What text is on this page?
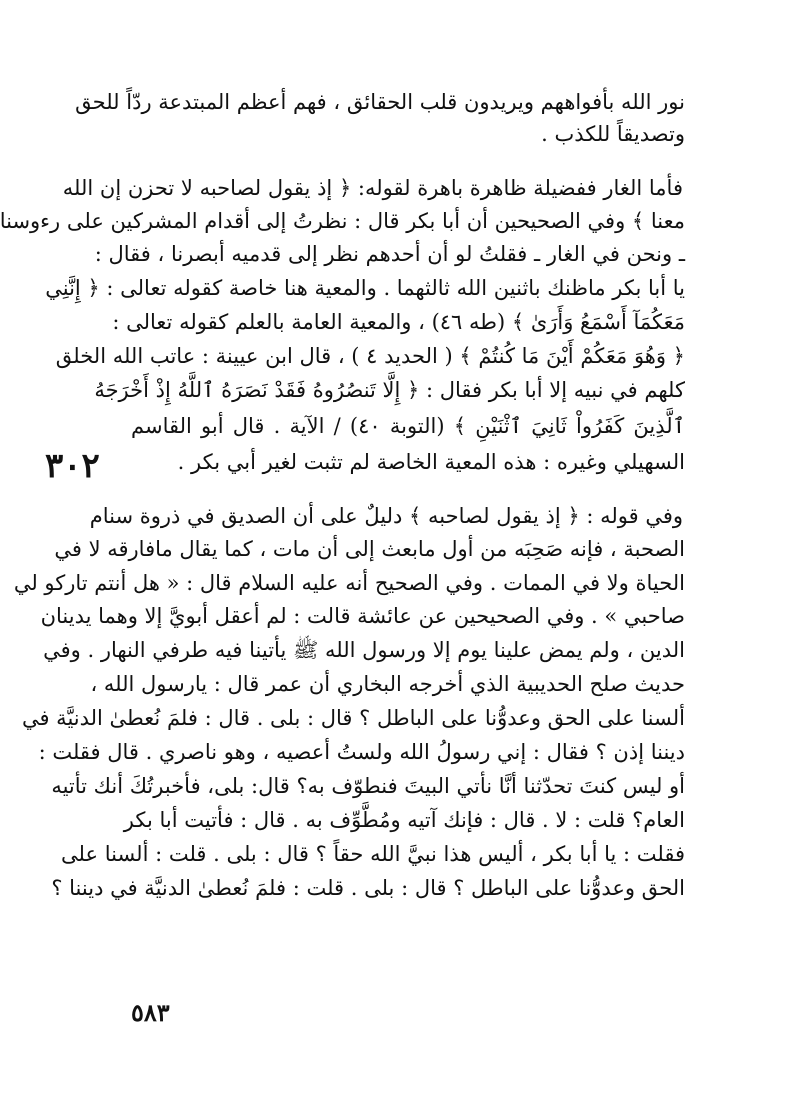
نور الله بأفواههم ويريدون قلب الحقائق ، فهم أعظم المبتدعة ردّاً للحق
وتصديقاً للكذب .
فأما الغار ففضيلة ظاهرة باهرة لقوله: ﴿ إذ يقول لصاحبه لا تحزن إن الله
معنا ﴾ وفي الصحيحين أن أبا بكر قال : نظرتُ إلى أقدام المشركين على رءوسنا
ـ ونحن في الغار ـ فقلتُ لو أن أحدهم نظر إلى قدميه أبصرنا ، فقال :
يا أبا بكر ماظنك باثنين الله ثالثهما . والمعية هنا خاصة كقوله تعالى : ﴿ إِنَّنِي
مَعَكُمَآ أَسْمَعُ وَأَرَىٰ ﴾ (طه ٤٦) ، والمعية العامة بالعلم كقوله تعالى :
﴿ وَهُوَ مَعَكُمْ أَيْنَ مَا كُنتُمْ ﴾ ( الحديد ٤ ) ، قال ابن عيينة : عاتب الله الخلق
كلهم في نبيه إلا أبا بكر فقال : ﴿ إِلَّا تَنصُرُوهُ فَقَدْ نَصَرَهُ ٱللَّهُ إِذْ أَخْرَجَهُ
ٱلَّذِينَ كَفَرُواْ ثَانِيَ ٱثْنَيْنِ ﴾ (التوبة ٤٠) / الآية . قال أبو القاسم
السهيلي وغيره : هذه المعية الخاصة لم تثبت لغير أبي بكر .
وفي قوله : ﴿ إذ يقول لصاحبه ﴾ دليلٌ على أن الصديق في ذروة سنام
الصحبة ، فإنه صَحِبَه من أول مابعث إلى أن مات ، كما يقال مافارقه لا في
الحياة ولا في الممات . وفي الصحيح أنه عليه السلام قال : « هل أنتم تاركو لي
صاحبي » . وفي الصحيحين عن عائشة قالت : لم أعقل أبويَّ إلا وهما يدينان
الدين ، ولم يمض علينا يوم إلا ورسول الله ﷺ يأتينا فيه طرفي النهار . وفي
حديث صلح الحديبية الذي أخرجه البخاري أن عمر قال : يارسول الله ،
ألسنا على الحق وعدوُّنا على الباطل ؟ قال : بلى . قال : فلمَ نُعطىٰ الدنيَّة في
ديننا إذن ؟ فقال : إني رسولُ الله ولستُ أعصيه ، وهو ناصري . قال فقلت :
أو ليس كنتَ تحدّثنا أنَّا نأتي البيتَ فنطوّف به؟ قال: بلى، فأخبرتُكَ أنك تأتيه
العام؟ قلت : لا . قال : فإنك آتيه ومُطَّوِّف به . قال : فأتيت أبا بكر
فقلت : يا أبا بكر ، أليس هذا نبيَّ الله حقاً ؟ قال : بلى . قلت : ألسنا على
الحق وعدوُّنا على الباطل ؟ قال : بلى . قلت : فلمَ نُعطىٰ الدنيَّة في ديننا ؟
٣٠٢
٥٨٣
